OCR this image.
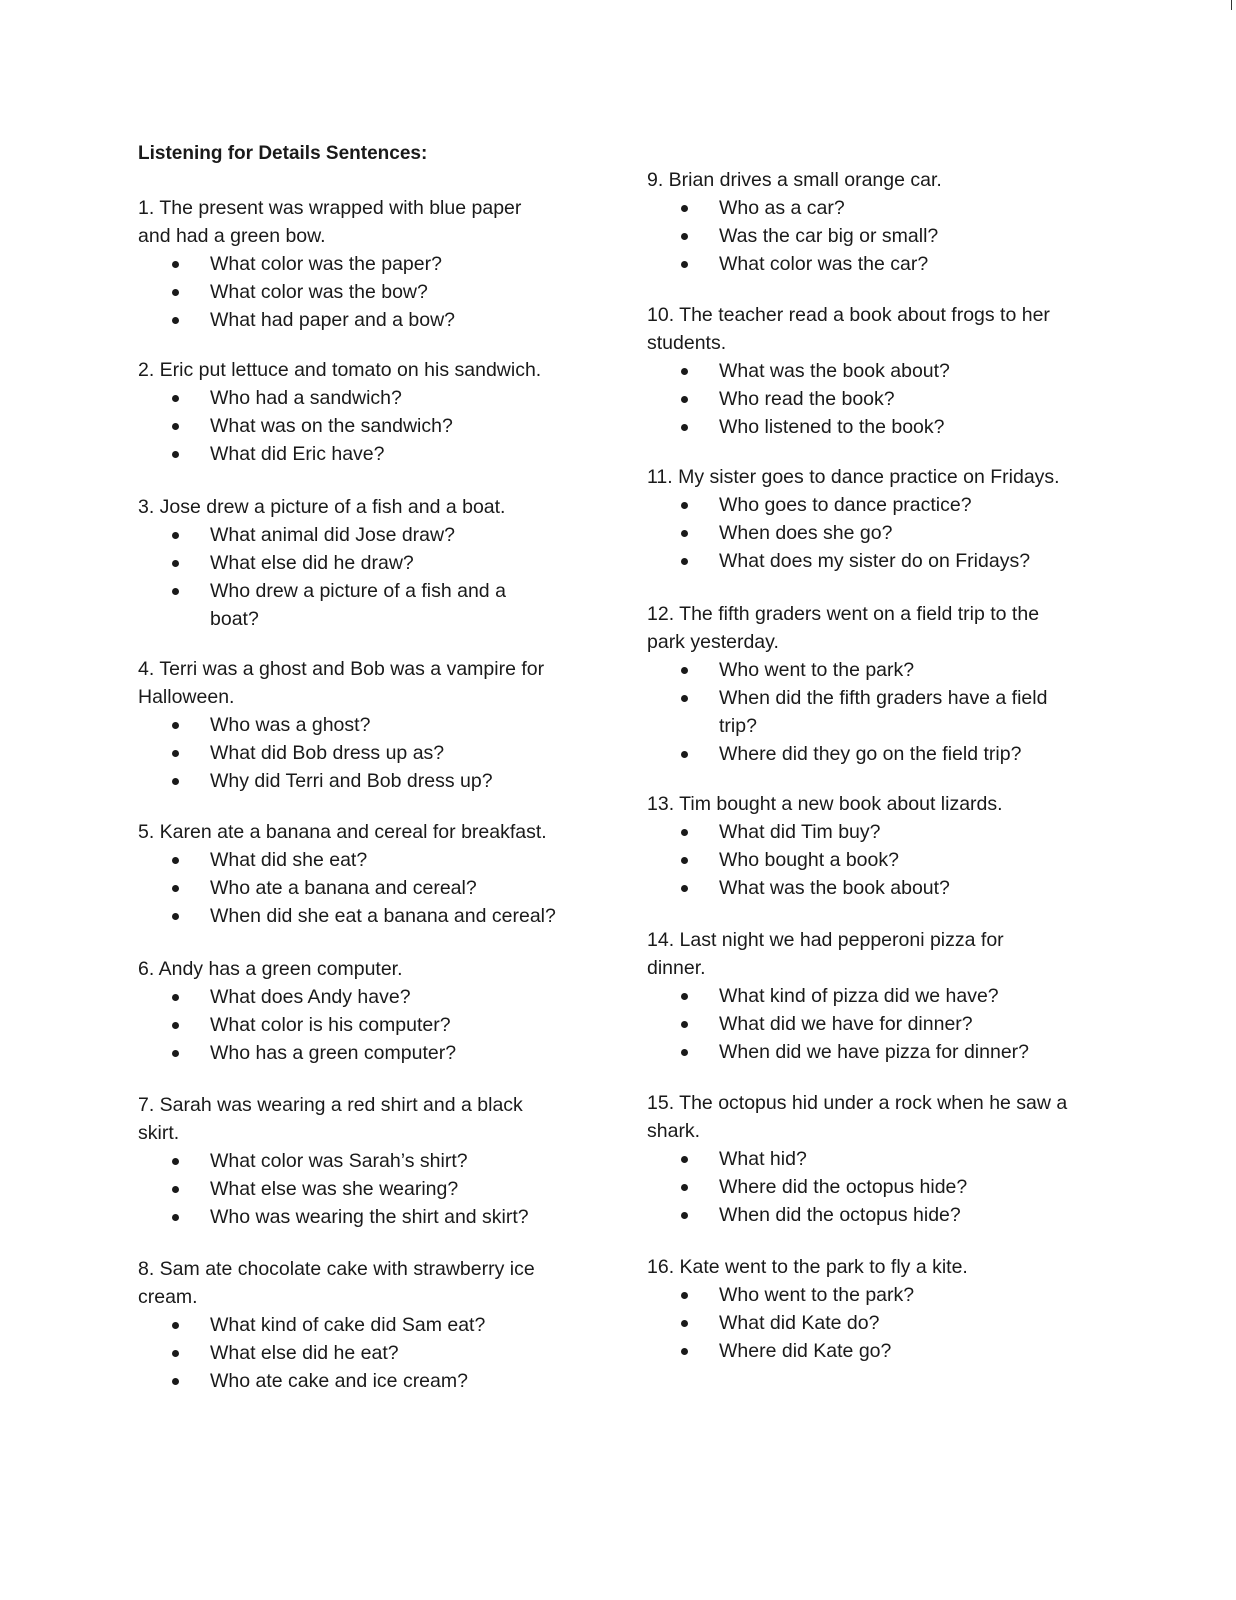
Listening for Details Sentences:

1. The present was wrapped with blue paper and had a green bow.

What color was the paper?
What color was the bow?
What had paper and a bow?

2. Eric put lettuce and tomato on his sandwich.

Who had a sandwich?
What was on the sandwich?
What did Eric have?

3. Jose drew a picture of a fish and a boat.

What animal did Jose draw?
What else did he draw?
Who drew a picture of a fish and a boat?

4. Terri was a ghost and Bob was a vampire for Halloween.

Who was a ghost?
What did Bob dress up as?
Why did Terri and Bob dress up?

5. Karen ate a banana and cereal for breakfast.

What did she eat?
Who ate a banana and cereal?
When did she eat a banana and cereal?

6. Andy has a green computer.

What does Andy have?
What color is his computer?
Who has a green computer?

7. Sarah was wearing a red shirt and a black skirt.

What color was Sarah’s shirt?
What else was she wearing?
Who was wearing the shirt and skirt?

8. Sam ate chocolate cake with strawberry ice cream.

What kind of cake did Sam eat?
What else did he eat?
Who ate cake and ice cream?

9. Brian drives a small orange car.

Who as a car?
Was the car big or small?
What color was the car?

10. The teacher read a book about frogs to her students.

What was the book about?
Who read the book?
Who listened to the book?

11. My sister goes to dance practice on Fridays.

Who goes to dance practice?
When does she go?
What does my sister do on Fridays?

12. The fifth graders went on a field trip to the park yesterday.

Who went to the park?
When did the fifth graders have a field trip?
Where did they go on the field trip?

13. Tim bought a new book about lizards.

What did Tim buy?
Who bought a book?
What was the book about?

14. Last night we had pepperoni pizza for dinner.

What kind of pizza did we have?
What did we have for dinner?
When did we have pizza for dinner?

15. The octopus hid under a rock when he saw a shark.

What hid?
Where did the octopus hide?
When did the octopus hide?

16. Kate went to the park to fly a kite.

Who went to the park?
What did Kate do?
Where did Kate go?
